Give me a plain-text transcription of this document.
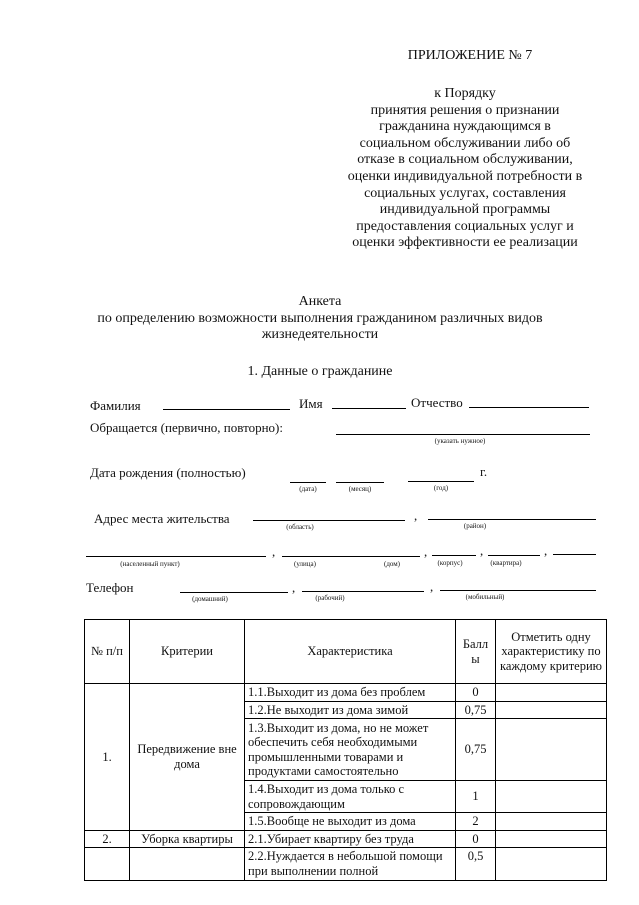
ПРИЛОЖЕНИЕ № 7
к Порядку
принятия решения о признании
гражданина нуждающимся в
социальном обслуживании либо об
отказе в социальном обслуживании,
оценки индивидуальной потребности в
социальных услугах, составления
индивидуальной программы
предоставления социальных услуг и
оценки эффективности ее реализации
Анкета
по определению возможности выполнения гражданином различных видов
жизнедеятельности
1. Данные о гражданине
Фамилия	Имя	Отчество
Обращается (первично, повторно):
(указать нужное)
Дата рождения (полностью)	г.
(дата)	(месяц)	(год)
Адрес места жительства	,
(область)	(район)
,	,	,	,
(населенный пункт)	(улица)	(дом)	(корпус)	(квартира)
Телефон	,	,
(домашний)	(рабочий)	(мобильный)
№ п/п	Критерии	Характеристика	Балл ы	Отметить одну характеристику по каждому критерию
1.	Передвижение вне дома	1.1.Выходит из дома без проблем	0	
		1.2.Не выходит из дома зимой	0,75	
		1.3.Выходит из дома, но не может обеспечить себя необходимыми промышленными товарами и продуктами самостоятельно	0,75	
		1.4.Выходит из дома только с сопровождающим	1	
		1.5.Вообще не выходит из дома	2	
2.	Уборка квартиры	2.1.Убирает квартиру без труда	0	

		2.2.Нуждается в небольшой помощи при выполнении полной	0,5	
